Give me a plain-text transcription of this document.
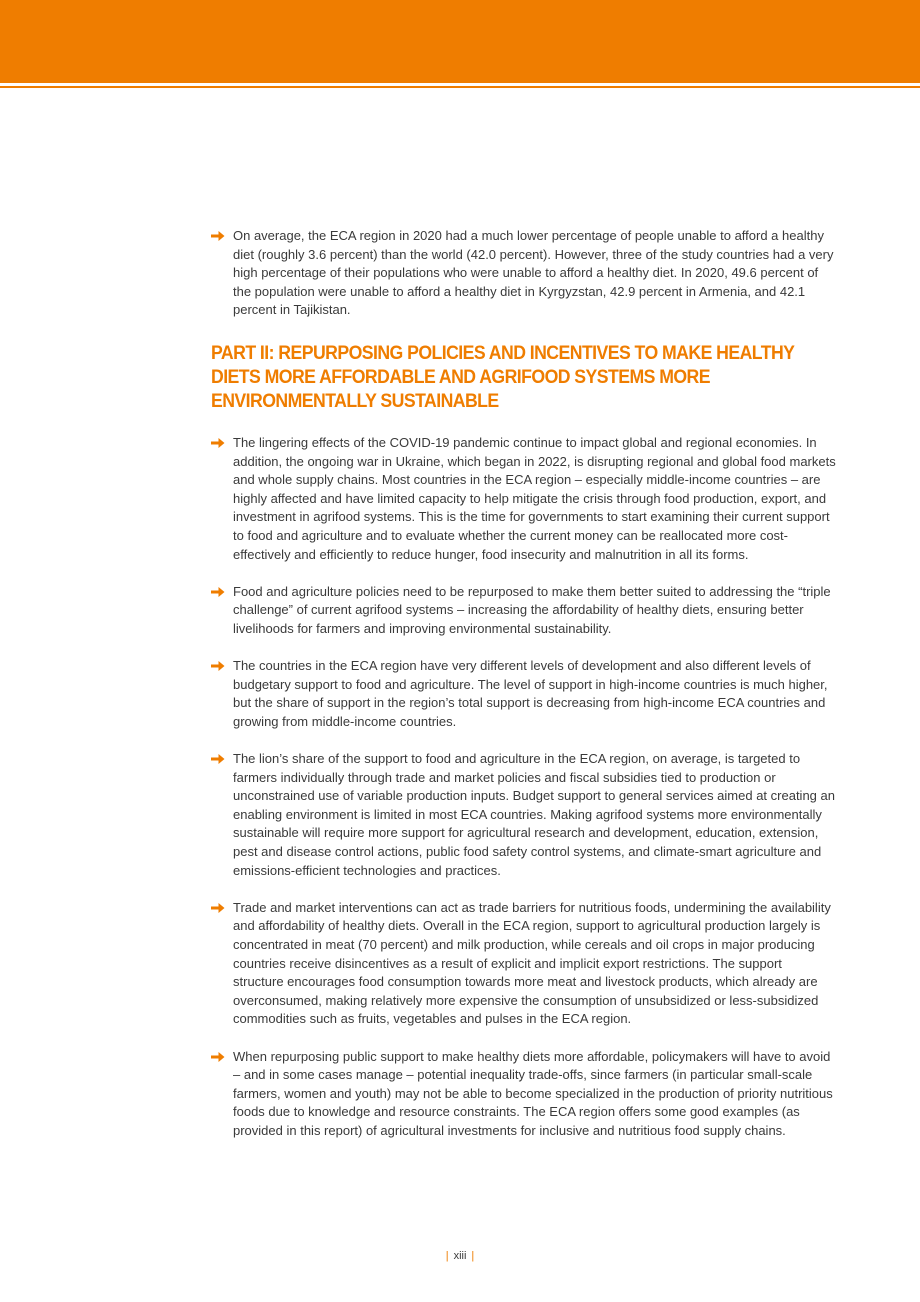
On average, the ECA region in 2020 had a much lower percentage of people unable to afford a healthy diet (roughly 3.6 percent) than the world (42.0 percent). However, three of the study countries had a very high percentage of their populations who were unable to afford a healthy diet. In 2020, 49.6 percent of the population were unable to afford a healthy diet in Kyrgyzstan, 42.9 percent in Armenia, and 42.1 percent in Tajikistan.
PART II: REPURPOSING POLICIES AND INCENTIVES TO MAKE HEALTHY DIETS MORE AFFORDABLE AND AGRIFOOD SYSTEMS MORE ENVIRONMENTALLY SUSTAINABLE
The lingering effects of the COVID-19 pandemic continue to impact global and regional economies. In addition, the ongoing war in Ukraine, which began in 2022, is disrupting regional and global food markets and whole supply chains. Most countries in the ECA region – especially middle-income countries – are highly affected and have limited capacity to help mitigate the crisis through food production, export, and investment in agrifood systems. This is the time for governments to start examining their current support to food and agriculture and to evaluate whether the current money can be reallocated more cost-effectively and efficiently to reduce hunger, food insecurity and malnutrition in all its forms.
Food and agriculture policies need to be repurposed to make them better suited to addressing the “triple challenge” of current agrifood systems – increasing the affordability of healthy diets, ensuring better livelihoods for farmers and improving environmental sustainability.
The countries in the ECA region have very different levels of development and also different levels of budgetary support to food and agriculture. The level of support in high-income countries is much higher, but the share of support in the region’s total support is decreasing from high-income ECA countries and growing from middle-income countries.
The lion’s share of the support to food and agriculture in the ECA region, on average, is targeted to farmers individually through trade and market policies and fiscal subsidies tied to production or unconstrained use of variable production inputs. Budget support to general services aimed at creating an enabling environment is limited in most ECA countries. Making agrifood systems more environmentally sustainable will require more support for agricultural research and development, education, extension, pest and disease control actions, public food safety control systems, and climate-smart agriculture and emissions-efficient technologies and practices.
Trade and market interventions can act as trade barriers for nutritious foods, undermining the availability and affordability of healthy diets. Overall in the ECA region, support to agricultural production largely is concentrated in meat (70 percent) and milk production, while cereals and oil crops in major producing countries receive disincentives as a result of explicit and implicit export restrictions. The support structure encourages food consumption towards more meat and livestock products, which already are overconsumed, making relatively more expensive the consumption of unsubsidized or less-subsidized commodities such as fruits, vegetables and pulses in the ECA region.
When repurposing public support to make healthy diets more affordable, policymakers will have to avoid – and in some cases manage – potential inequality trade-offs, since farmers (in particular small-scale farmers, women and youth) may not be able to become specialized in the production of priority nutritious foods due to knowledge and resource constraints. The ECA region offers some good examples (as provided in this report) of agricultural investments for inclusive and nutritious food supply chains.
| xiii |
